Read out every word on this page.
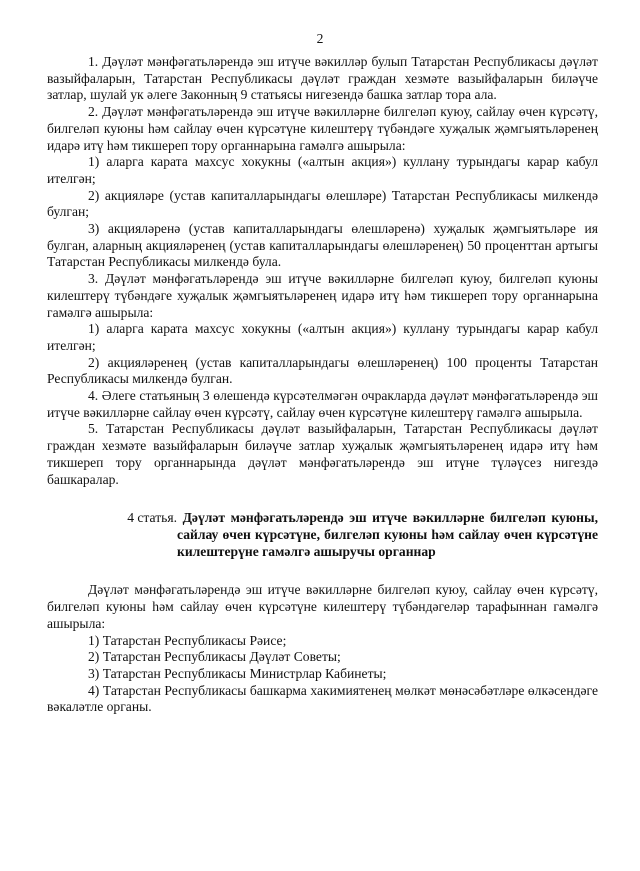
2

1. Дәүләт мәнфәгатьләрендә эш итүче вәкилләр булып Татарстан Республикасы дәүләт вазыйфаларын, Татарстан Республикасы дәүләт граждан хезмәте вазыйфаларын биләүче затлар, шулай ук әлеге Законның 9 статьясы нигезендә башка затлар тора ала.

2. Дәүләт мәнфәгатьләрендә эш итүче вәкилләрне билгеләп куюу, сайлау өчен күрсәтү, билгеләп куюны һәм сайлау өчен күрсәтүне килештерү түбәндәге хуҗалык җәмгыятьләренең идарә итү һәм тикшереп тору органнарына гамәлгә ашырыла:

1) аларга карата махсус хокукны («алтын акция») куллану турындагы карар кабул ителгән;

2) акцияләре (устав капиталларындагы өлешләре) Татарстан Республикасы милкендә булган;

3) акцияләренә (устав капиталларындагы өлешләренә) хуҗалык җәмгыятьләре ия булган, аларның акцияләренең (устав капиталларындагы өлешләренең) 50 проценттан артыгы Татарстан Республикасы милкендә була.

3. Дәүләт мәнфәгатьләрендә эш итүче вәкилләрне билгеләп куюу, билгеләп куюны килештерү түбәндәге хуҗалык җәмгыятьләренең идарә итү һәм тикшереп тору органнарына гамәлгә ашырыла:

1) аларга карата махсус хокукны («алтын акция») куллану турындагы карар кабул ителгән;

2) акцияләренең (устав капиталларындагы өлешләренең) 100 проценты Татарстан Республикасы милкендә булган.

4. Әлеге статьяның 3 өлешендә күрсәтелмәгән очракларда дәүләт мәнфәгатьләрендә эш итүче вәкилләрне сайлау өчен күрсәтү, сайлау өчен күрсәтүне килештерү гамәлгә ашырыла.

5. Татарстан Республикасы дәүләт вазыйфаларын, Татарстан Республикасы дәүләт граждан хезмәте вазыйфаларын биләүче затлар хуҗалык җәмгыятьләренең идарә итү һәм тикшереп тору органнарында дәүләт мәнфәгатьләрендә эш итүне түләүсез нигездә башкаралар.

4 статья. Дәүләт мәнфәгатьләрендә эш итүче вәкилләрне билгеләп куюны, сайлау өчен күрсәтүне, билгеләп куюны һәм сайлау өчен күрсәтүне килештерүне гамәлгә ашыручы органнар

Дәүләт мәнфәгатьләрендә эш итүче вәкилләрне билгеләп куюу, сайлау өчен күрсәтү, билгеләп куюны һәм сайлау өчен күрсәтүне килештерү түбәндәгеләр тарафыннан гамәлгә ашырыла:

1) Татарстан Республикасы Рәисе;

2) Татарстан Республикасы Дәүләт Советы;

3) Татарстан Республикасы Министрлар Кабинеты;

4) Татарстан Республикасы башкарма хакимиятенең мөлкәт мөнәсәбәтләре өлкәсендәге вәкаләтле органы.
